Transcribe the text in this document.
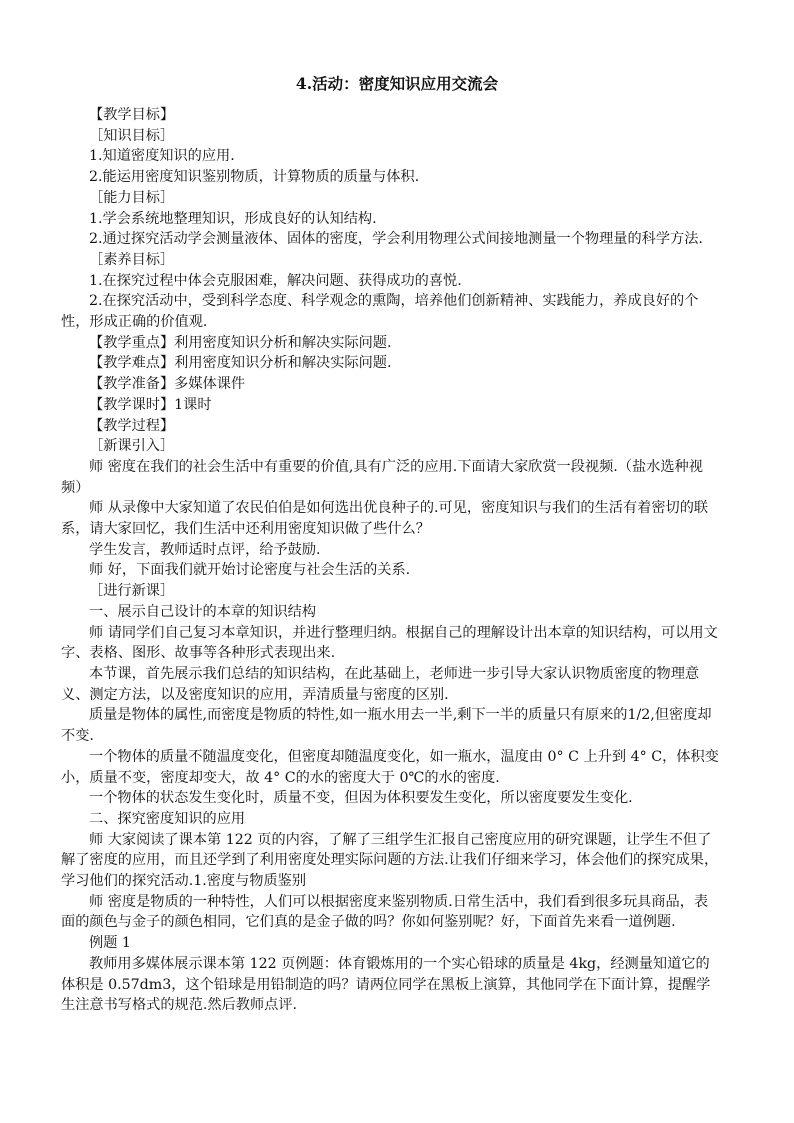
4.活动：密度知识应用交流会

【教学目标】

［知识目标］

1.知道密度知识的应用.

2.能运用密度知识鉴别物质，计算物质的质量与体积.

［能力目标］

1.学会系统地整理知识，形成良好的认知结构.

2.通过探究活动学会测量液体、固体的密度，学会利用物理公式间接地测量一个物理量的科学方法.

［素养目标］

1.在探究过程中体会克服困难，解决问题、获得成功的喜悦.

2.在探究活动中，受到科学态度、科学观念的熏陶，培养他们创新精神、实践能力，养成良好的个性，形成正确的价值观.

【教学重点】利用密度知识分析和解决实际问题.

【教学难点】利用密度知识分析和解决实际问题.

【教学准备】多媒体课件

【教学课时】1课时

【教学过程】

［新课引入］

师 密度在我们的社会生活中有重要的价值,具有广泛的应用.下面请大家欣赏一段视频.（盐水选种视频）

师 从录像中大家知道了农民伯伯是如何选出优良种子的.可见，密度知识与我们的生活有着密切的联系，请大家回忆，我们生活中还利用密度知识做了些什么？

学生发言，教师适时点评，给予鼓励.

师 好，下面我们就开始讨论密度与社会生活的关系.

［进行新课］

一、展示自己设计的本章的知识结构

师 请同学们自己复习本章知识，并进行整理归纳。根据自己的理解设计出本章的知识结构，可以用文字、表格、图形、故事等各种形式表现出来.

本节课，首先展示我们总结的知识结构，在此基础上，老师进一步引导大家认识物质密度的物理意义、测定方法，以及密度知识的应用，弄清质量与密度的区别.

质量是物体的属性,而密度是物质的特性,如一瓶水用去一半,剩下一半的质量只有原来的1/2,但密度却不变.

一个物体的质量不随温度变化，但密度却随温度变化，如一瓶水，温度由 0° C 上升到 4° C，体积变小，质量不变，密度却变大，故 4° C的水的密度大于 0℃的水的密度.

一个物体的状态发生变化时，质量不变，但因为体积要发生变化，所以密度要发生变化.

二、探究密度知识的应用

师 大家阅读了课本第 122 页的内容，了解了三组学生汇报自己密度应用的研究课题，让学生不但了解了密度的应用，而且还学到了利用密度处理实际问题的方法.让我们仔细来学习，体会他们的探究成果，学习他们的探究活动.1.密度与物质鉴别

师 密度是物质的一种特性，人们可以根据密度来鉴别物质.日常生活中，我们看到很多玩具商品，表面的颜色与金子的颜色相同，它们真的是金子做的吗？你如何鉴别呢？好，下面首先来看一道例题.

例题 1

教师用多媒体展示课本第 122 页例题：体育锻炼用的一个实心铅球的质量是 4kg，经测量知道它的体积是 0.57dm3，这个铅球是用铅制造的吗？请两位同学在黑板上演算，其他同学在下面计算，提醒学生注意书写格式的规范.然后教师点评.
